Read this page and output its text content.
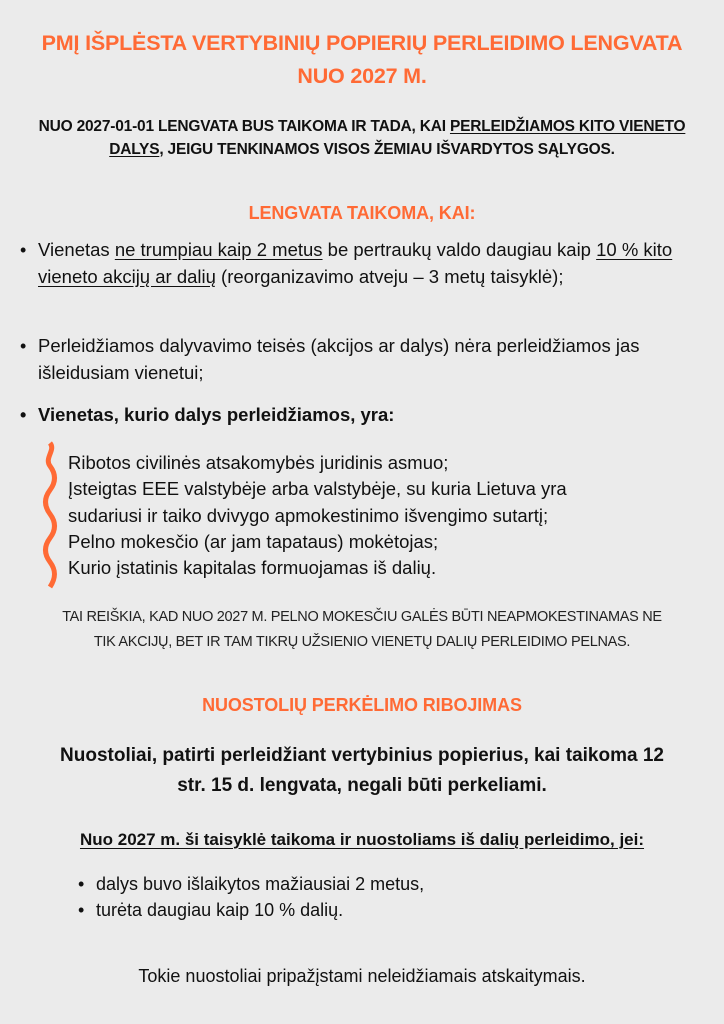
PMĮ IŠPLĖSTA VERTYBINIŲ POPIERIŲ PERLEIDIMO LENGVATA
NUO 2027 M.
NUO 2027-01-01 LENGVATA BUS TAIKOMA IR TADA, KAI PERLEIDŽIAMOS KITO VIENETO DALYS, JEIGU TENKINAMOS VISOS ŽEMIAU IŠVARDYTOS SĄLYGOS.
LENGVATA TAIKOMA, KAI:
• Vienetas ne trumpiau kaip 2 metus be pertraukų valdo daugiau kaip 10 % kito vieneto akcijų ar dalių (reorganizavimo atveju – 3 metų taisyklė);
• Perleidžiamos dalyvavimo teisės (akcijos ar dalys) nėra perleidžiamos jas išleidusiam vienetui;
• Vienetas, kurio dalys perleidžiamos, yra:
Ribotos civilinės atsakomybės juridinis asmuo;
Įsteigtas EEE valstybėje arba valstybėje, su kuria Lietuva yra
sudariusi ir taiko dvivygo apmokestinimo išvengimo sutartį;
Pelno mokesčio (ar jam tapataus) mokėtojas;
Kurio įstatinis kapitalas formuojamas iš dalių.
TAI REIŠKIA, KAD NUO 2027 M. PELNO MOKESČIU GALĖS BŪTI NEAPMOKESTINAMAS NE
TIK AKCIJŲ, BET IR TAM TIKRŲ UŽSIENIO VIENETŲ DALIŲ PERLEIDIMO PELNAS.
NUOSTOLIŲ PERKĖLIMO RIBOJIMAS
Nuostoliai, patirti perleidžiant vertybinius popierius, kai taikoma 12
str. 15 d. lengvata, negali būti perkeliami.
Nuo 2027 m. ši taisyklė taikoma ir nuostoliams iš dalių perleidimo, jei:
• dalys buvo išlaikytos mažiausiai 2 metus,
• turėta daugiau kaip 10 % dalių.
Tokie nuostoliai pripažįstami neleidžiamais atskaitymais.
